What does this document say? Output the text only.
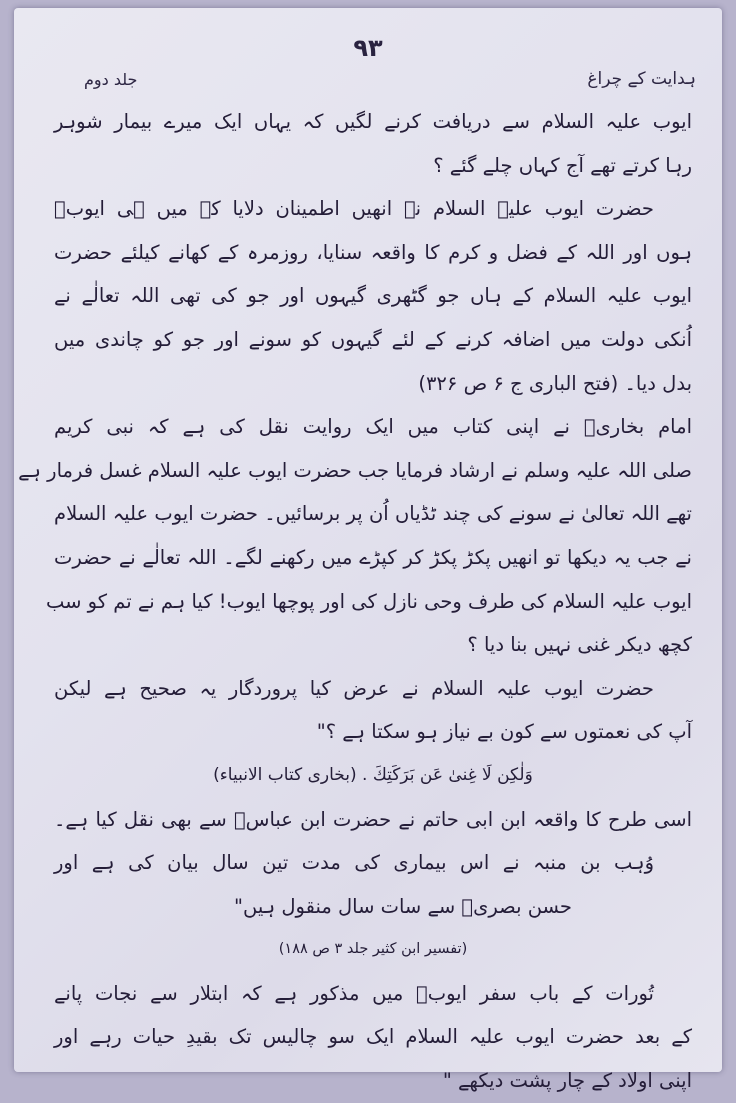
٩٣
ہدایت کے چراغ
جلد دوم
ایوب علیہ السلام سے دریافت کرنے لگیں کہ یہاں ایک میرے بیمار شوہر
رہا کرتے تھے آج کہاں چلے گئے ؟
حضرت ایوب علیہ السلام نے انھیں اطمینان دلایا کہ میں ہی ایوبؑ
ہوں اور اللہ کے فضل و کرم کا واقعہ سنایا، روزمرہ کے کھانے کیلئے حضرت
ایوب علیہ السلام کے ہاں جو گٹھری گیہوں اور جو کی تھی اللہ تعالٰے نے
اُنکی دولت میں اضافہ کرنے کے لئے گیہوں کو سونے اور جو کو چاندی میں
بدل دیا۔ (فتح الباری ج ۶ ص ۳۲۶)
امام بخاریؒ نے اپنی کتاب میں ایک روایت نقل کی ہے کہ نبی کریم
صلی اللہ علیہ وسلم نے ارشاد فرمایا جب حضرت ایوب علیہ السلام غسل فرمار ہے
تھے اللہ تعالیٰ نے سونے کی چند ٹڈیاں اُن پر برسائیں۔ حضرت ایوب علیہ السلام
نے جب یہ دیکھا تو انھیں پکڑ پکڑ کر کپڑے میں رکھنے لگے۔ اللہ تعالٰے نے حضرت
ایوب علیہ السلام کی طرف وحی نازل کی اور پوچھا ایوب! کیا ہم نے تم کو سب
کچھ دیکر غنی نہیں بنا دیا ؟
حضرت ایوب علیہ السلام نے عرض کیا پروردگار یہ صحیح ہے لیکن
آپ کی نعمتوں سے کون بے نیاز ہو سکتا ہے ؟"
وَلٰكِن لَا غِنىٰ عَن بَرَكَتِكَ . (بخاری کتاب الانبیاء)
اسی طرح کا واقعہ ابن ابی حاتم نے حضرت ابن عباسؓ سے بھی نقل کیا ہے۔
وُہب بن منبہ نے اس بیماری کی مدت تین سال بیان کی ہے اور
حسن بصریؒ سے سات سال منقول ہیں"
(تفسیر ابن کثیر جلد ۳ ص ۱۸۸)
تُورات کے باب سفر ایوبؑ میں مذکور ہے کہ ابتلار سے نجات پانے
کے بعد حضرت ایوب علیہ السلام ایک سو چالیس تک بقیدِ حیات رہے اور
اپنی اولاد کے چار پشت دیکھے "
